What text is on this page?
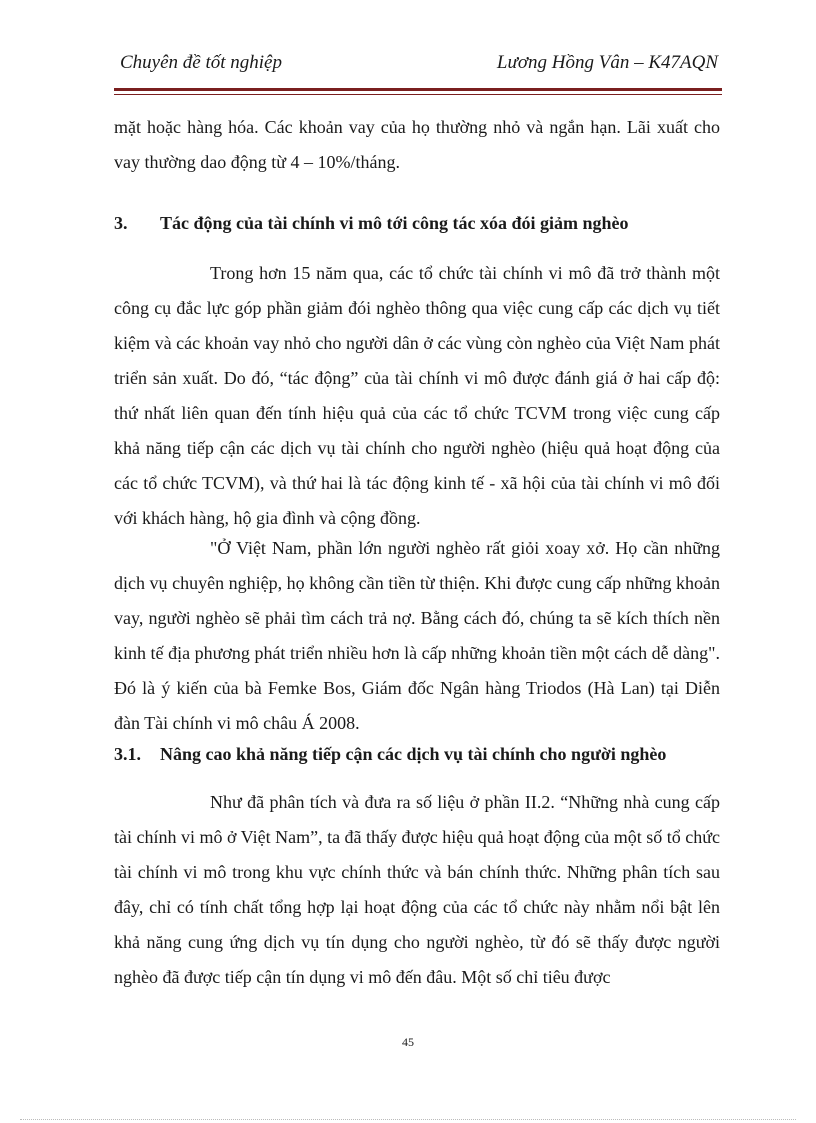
Chuyên đề tốt nghiệp	Lương Hồng Vân – K47AQN
mặt hoặc hàng hóa. Các khoản vay của họ thường nhỏ và ngắn hạn. Lãi xuất cho vay thường dao động từ 4 – 10%/tháng.
3. Tác động của tài chính vi mô tới công tác xóa đói giảm nghèo
Trong hơn 15 năm qua, các tổ chức tài chính vi mô đã trở thành một công cụ đắc lực góp phần giảm đói nghèo thông qua việc cung cấp các dịch vụ tiết kiệm và các khoản vay nhỏ cho người dân ở các vùng còn nghèo của Việt Nam phát triển sản xuất. Do đó, “tác động” của tài chính vi mô được đánh giá ở hai cấp độ: thứ nhất liên quan đến tính hiệu quả của các tổ chức TCVM trong việc cung cấp khả năng tiếp cận các dịch vụ tài chính cho người nghèo (hiệu quả hoạt động của các tổ chức TCVM), và thứ hai là tác động kinh tế - xã hội của tài chính vi mô đối với khách hàng, hộ gia đình và cộng đồng.
"Ở Việt Nam, phần lớn người nghèo rất giỏi xoay xở. Họ cần những dịch vụ chuyên nghiệp, họ không cần tiền từ thiện. Khi được cung cấp những khoản vay, người nghèo sẽ phải tìm cách trả nợ. Bằng cách đó, chúng ta sẽ kích thích nền kinh tế địa phương phát triển nhiều hơn là cấp những khoản tiền một cách dễ dàng". Đó là ý kiến của bà Femke Bos, Giám đốc Ngân hàng Triodos (Hà Lan) tại Diễn đàn Tài chính vi mô châu Á 2008.
3.1. Nâng cao khả năng tiếp cận các dịch vụ tài chính cho người nghèo
Như đã phân tích và đưa ra số liệu ở phần II.2. “Những nhà cung cấp tài chính vi mô ở Việt Nam”, ta đã thấy được hiệu quả hoạt động của một số tổ chức tài chính vi mô trong khu vực chính thức và bán chính thức. Những phân tích sau đây, chỉ có tính chất tổng hợp lại hoạt động của các tổ chức này nhằm nổi bật lên khả năng cung ứng dịch vụ tín dụng cho người nghèo, từ đó sẽ thấy được người nghèo đã được tiếp cận tín dụng vi mô đến đâu. Một số chỉ tiêu được
45
